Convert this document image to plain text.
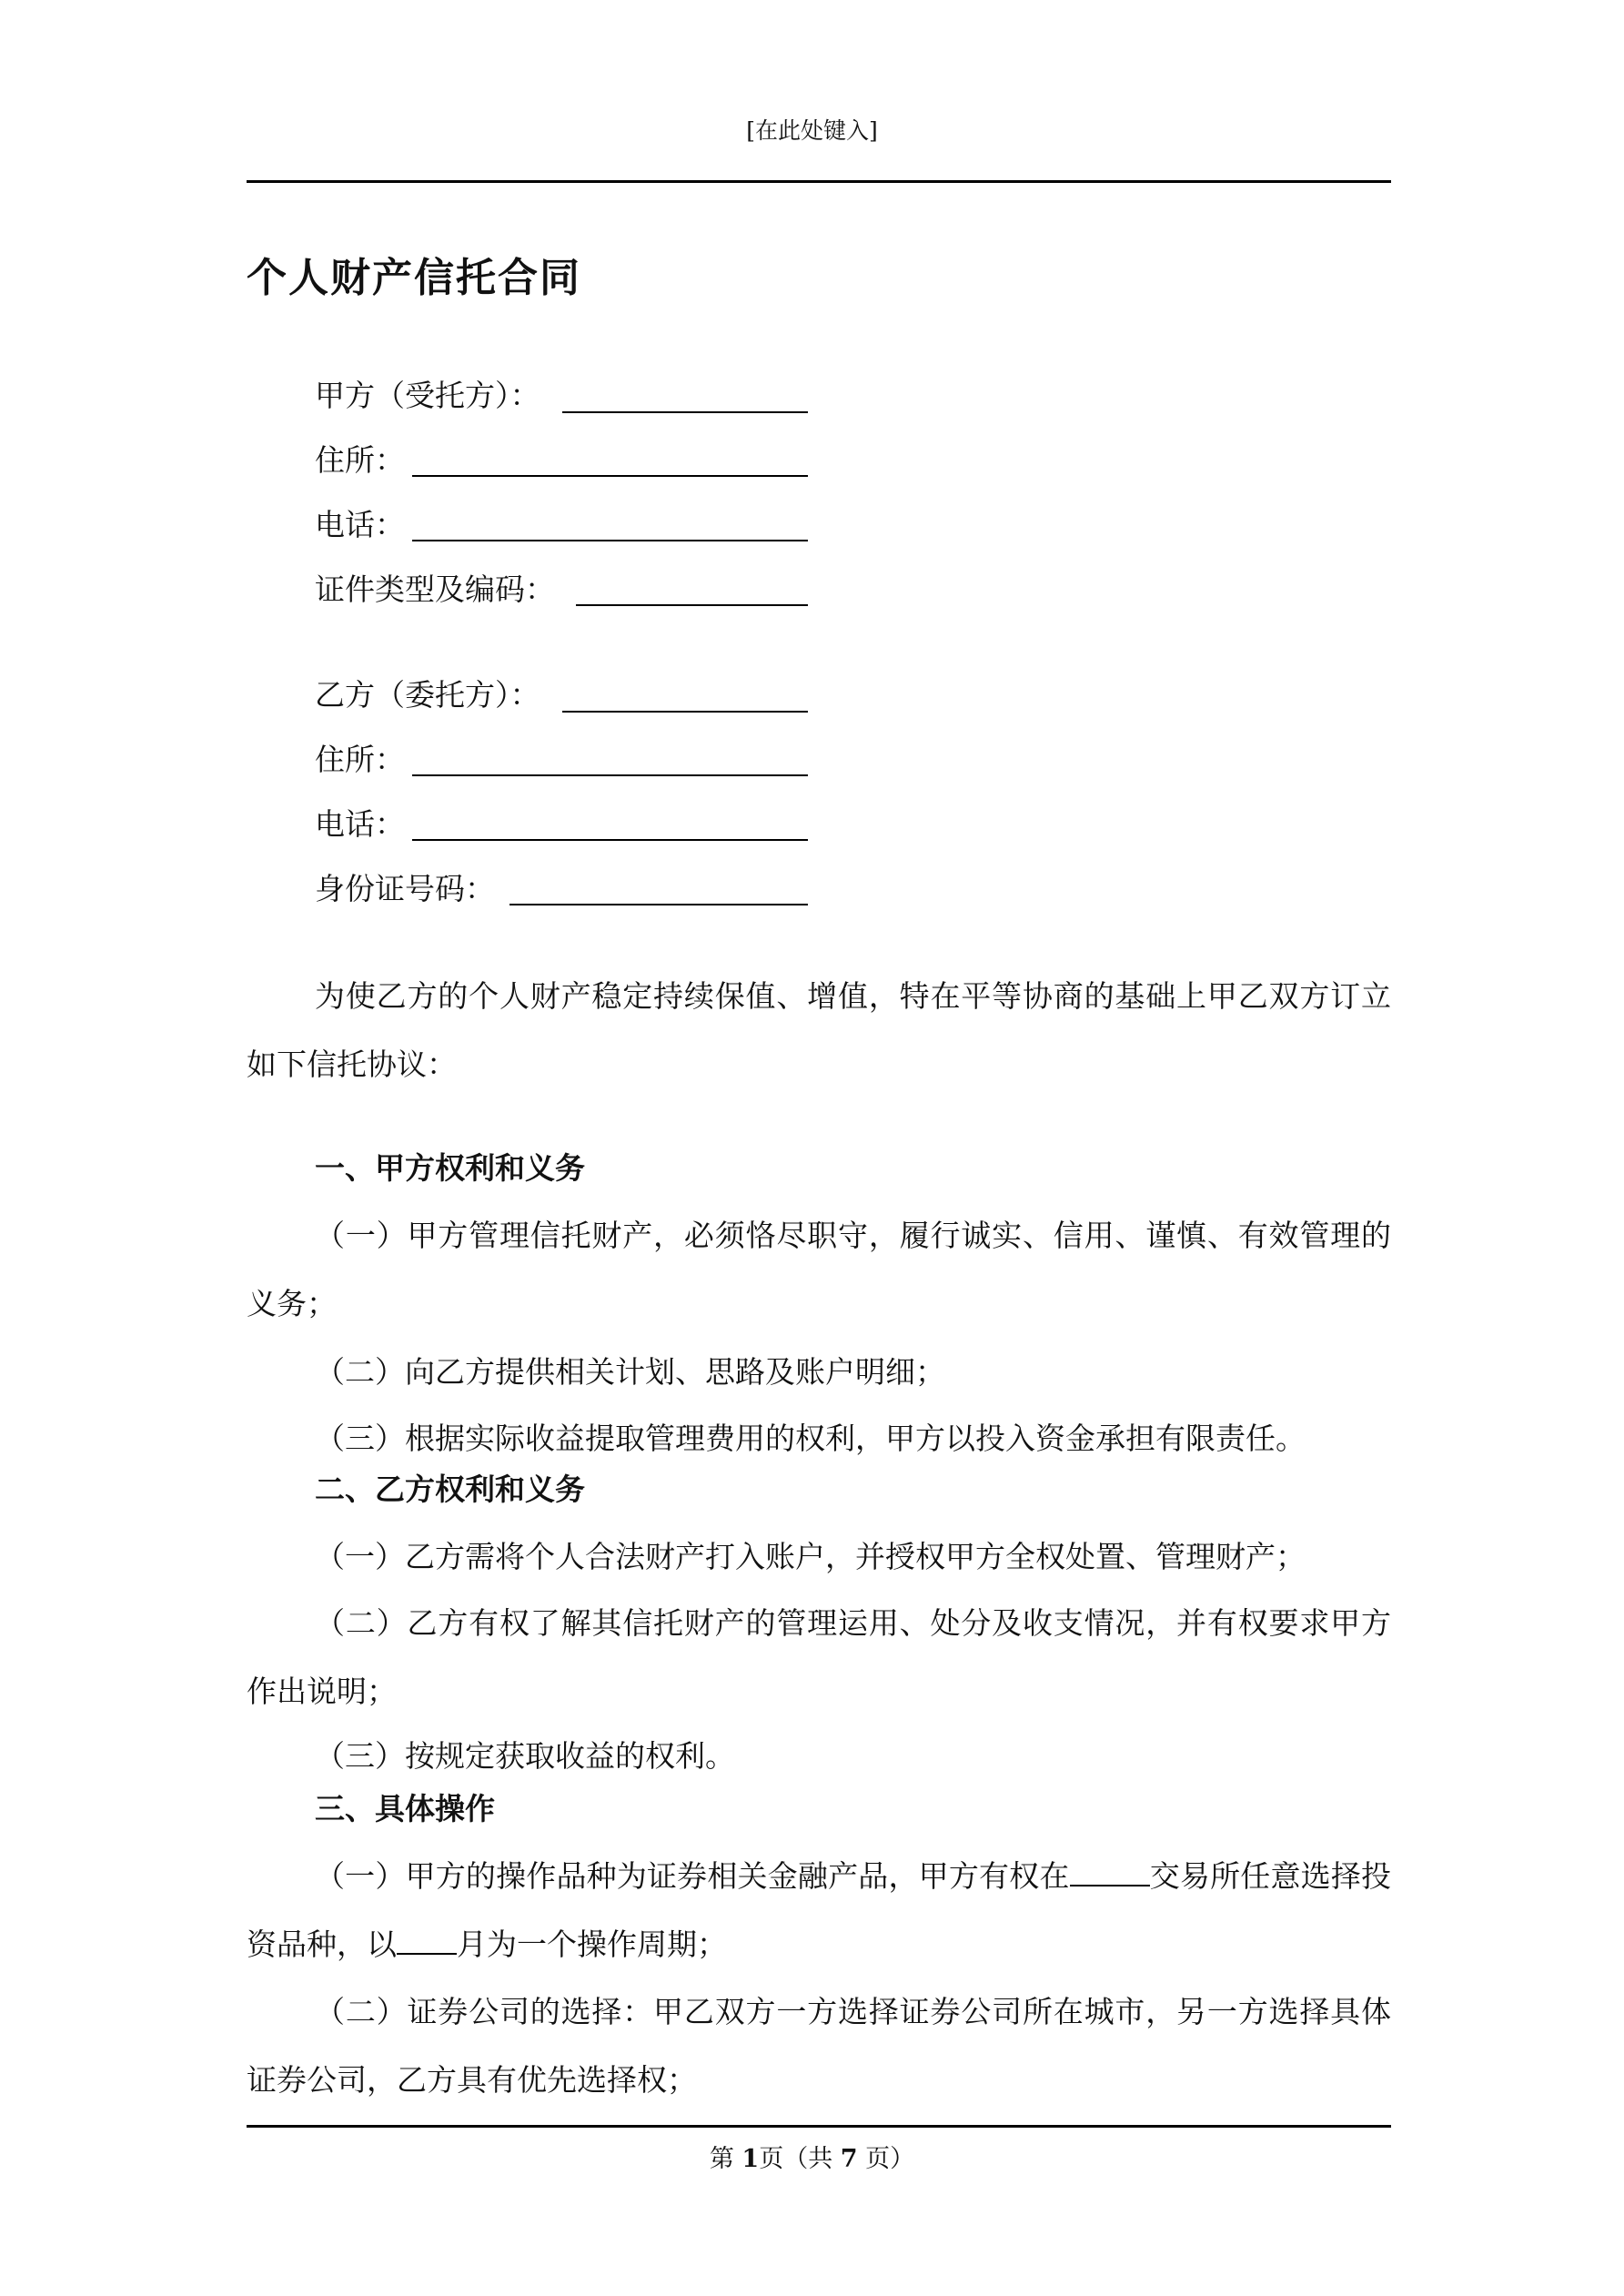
[在此处键入]
个人财产信托合同
甲方（受托方）：
住所：
电话：
证件类型及编码：
乙方（委托方）：
住所：
电话：
身份证号码：
为使乙方的个人财产稳定持续保值、增值，特在平等协商的基础上甲乙双方订立如下信托协议：
一、甲方权利和义务
（一）甲方管理信托财产，必须恪尽职守，履行诚实、信用、谨慎、有效管理的义务；
（二）向乙方提供相关计划、思路及账户明细；
（三）根据实际收益提取管理费用的权利，甲方以投入资金承担有限责任。
二、乙方权利和义务
（一）乙方需将个人合法财产打入账户，并授权甲方全权处置、管理财产；
（二）乙方有权了解其信托财产的管理运用、处分及收支情况，并有权要求甲方作出说明；
（三）按规定获取收益的权利。
三、具体操作
（一）甲方的操作品种为证券相关金融产品，甲方有权在	交易所任意选择投资品种，以 月为一个操作周期；
（二）证券公司的选择：甲乙双方一方选择证券公司所在城市，另一方选择具体证券公司，乙方具有优先选择权；
第 1页（共 7 页）
